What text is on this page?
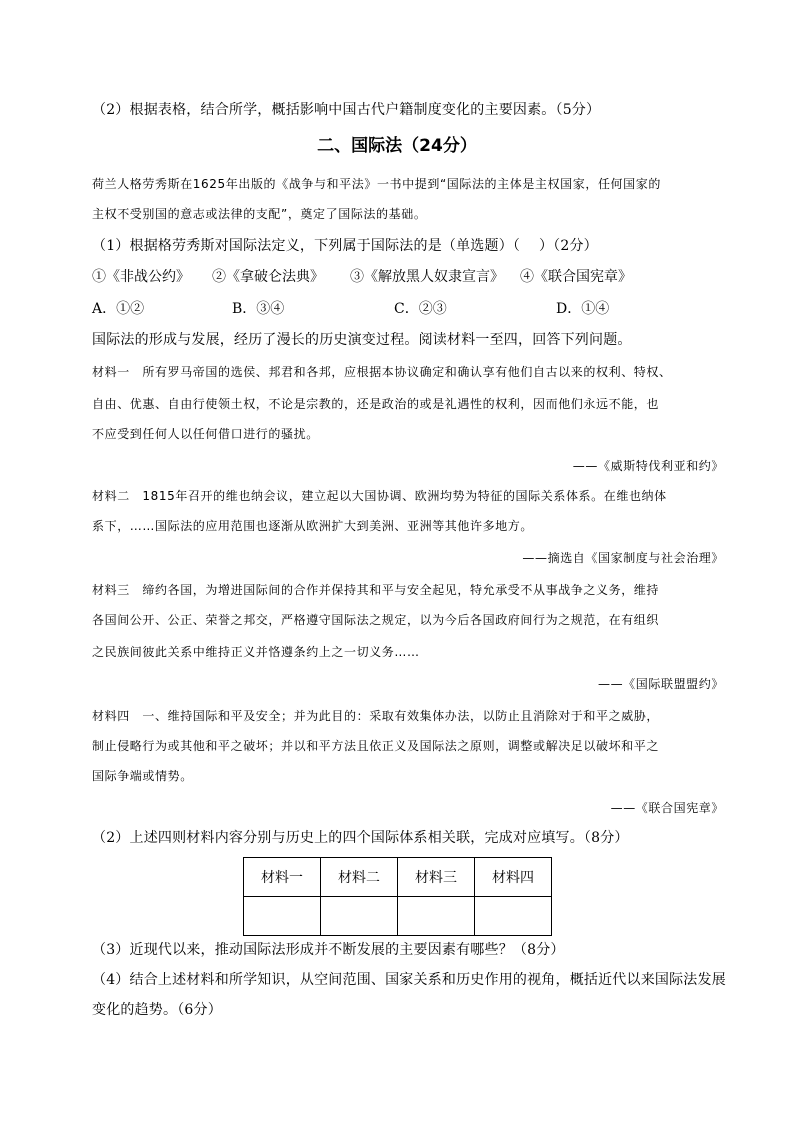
（2）根据表格，结合所学，概括影响中国古代户籍制度变化的主要因素。（5分）
二、国际法（24分）
荷兰人格劳秀斯在1625年出版的《战争与和平法》一书中提到“国际法的主体是主权国家，任何国家的
主权不受别国的意志或法律的支配”，奠定了国际法的基础。
（1）根据格劳秀斯对国际法定义，下列属于国际法的是（单选题）（　 ）（2分）
①《非战公约》 ②《拿破仑法典》 ③《解放黑人奴隶宣言》 ④《联合国宪章》
A．①②	B．③④	C．②③	D．①④
国际法的形成与发展，经历了漫长的历史演变过程。阅读材料一至四，回答下列问题。
材料一　所有罗马帝国的选侯、邦君和各邦，应根据本协议确定和确认享有他们自古以来的权利、特权、
自由、优惠、自由行使领土权，不论是宗教的，还是政治的或是礼遇性的权利，因而他们永远不能，也
不应受到任何人以任何借口进行的骚扰。
——《威斯特伐利亚和约》
材料二　1815年召开的维也纳会议，建立起以大国协调、欧洲均势为特征的国际关系体系。在维也纳体
系下，……国际法的应用范围也逐渐从欧洲扩大到美洲、亚洲等其他许多地方。
——摘选自《国家制度与社会治理》
材料三　缔约各国，为增进国际间的合作并保持其和平与安全起见，特允承受不从事战争之义务，维持
各国间公开、公正、荣誉之邦交，严格遵守国际法之规定，以为今后各国政府间行为之规范，在有组织
之民族间彼此关系中维持正义并恪遵条约上之一切义务……
——《国际联盟盟约》
材料四　一、维持国际和平及安全；并为此目的：采取有效集体办法，以防止且消除对于和平之威胁，
制止侵略行为或其他和平之破坏；并以和平方法且依正义及国际法之原则，调整或解决足以破坏和平之
国际争端或情势。
——《联合国宪章》
（2）上述四则材料内容分别与历史上的四个国际体系相关联，完成对应填写。（8分）
材料一	材料二	材料三	材料四

（3）近现代以来，推动国际法形成并不断发展的主要因素有哪些？（8分）
（4）结合上述材料和所学知识，从空间范围、国家关系和历史作用的视角，概括近代以来国际法发展
变化的趋势。（6分）
